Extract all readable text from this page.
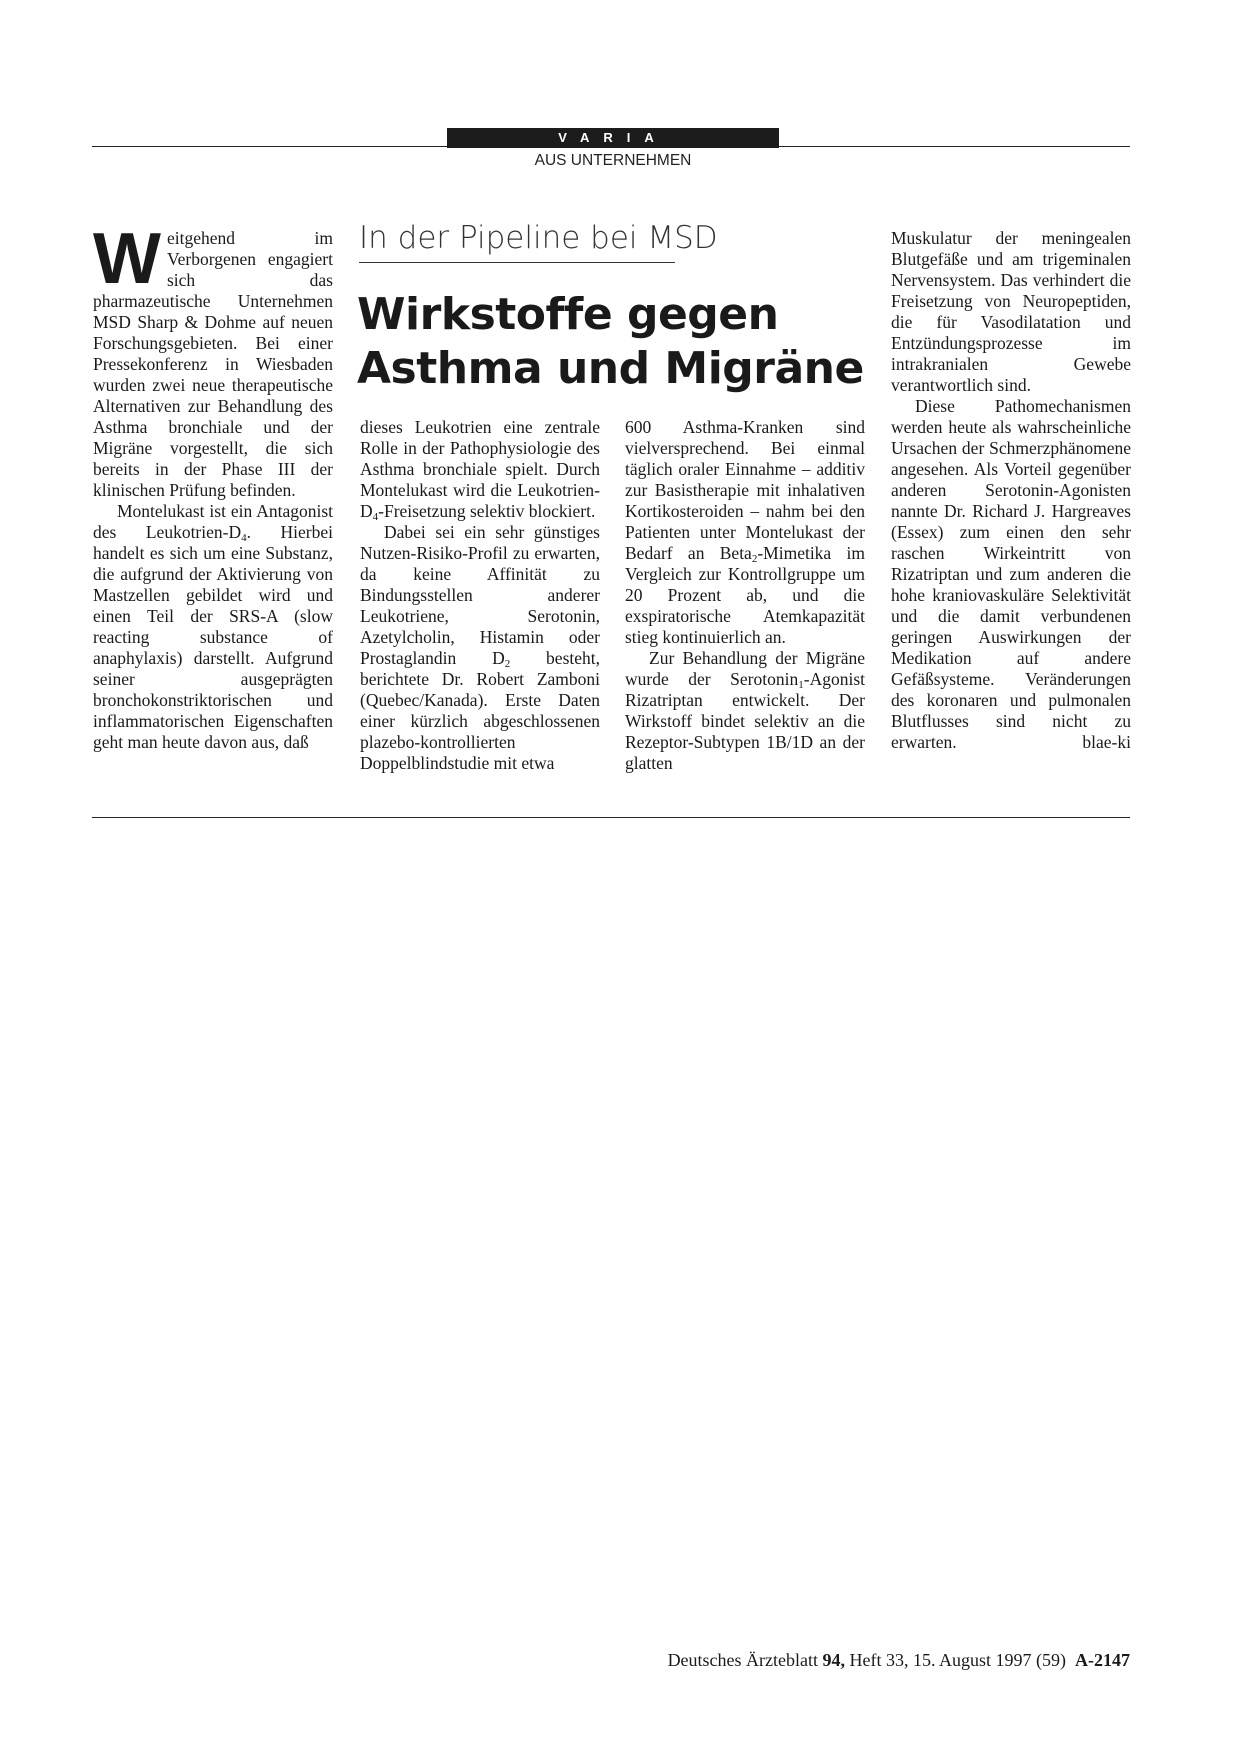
VARIA
AUS UNTERNEHMEN
In der Pipeline bei MSD
Wirkstoffe gegen
Asthma und Migräne

Weitgehend im Verborgenen engagiert sich das pharmazeutische Unternehmen MSD Sharp & Dohme auf neuen Forschungsgebieten. Bei einer Pressekonferenz in Wiesbaden wurden zwei neue therapeutische Alternativen zur Behandlung des Asthma bronchiale und der Migräne vorgestellt, die sich bereits in der Phase III der klinischen Prüfung befinden.

Montelukast ist ein Antagonist des Leukotrien-$D_4$. Hierbei handelt es sich um eine Substanz, die aufgrund der Aktivierung von Mastzellen gebildet wird und einen Teil der SRS-A (slow reacting substance of anaphylaxis) darstellt. Aufgrund seiner ausgeprägten bronchokonstriktorischen und inflammatorischen Eigenschaften geht man heute davon aus, daß

dieses Leukotrien eine zentrale Rolle in der Pathophysiologie des Asthma bronchiale spielt. Durch Montelukast wird die Leukotrien-$D_4$-Freisetzung selektiv blockiert.

Dabei sei ein sehr günstiges Nutzen-Risiko-Profil zu erwarten, da keine Affinität zu Bindungsstellen anderer Leukotriene, Serotonin, Azetylcholin, Histamin oder Prostaglandin $D_2$ besteht, berichtete Dr. Robert Zamboni (Quebec/Kanada). Erste Daten einer kürzlich abgeschlossenen plazebo-kontrollierten Doppelblindstudie mit etwa

600 Asthma-Kranken sind vielversprechend. Bei einmal täglich oraler Einnahme – additiv zur Basistherapie mit inhalativen Kortikosteroiden – nahm bei den Patienten unter Montelukast der Bedarf an Beta$_2$-Mimetika im Vergleich zur Kontrollgruppe um 20 Prozent ab, und die exspiratorische Atemkapazität stieg kontinuierlich an.

Zur Behandlung der Migräne wurde der Serotonin$_1$-Agonist Rizatriptan entwickelt. Der Wirkstoff bindet selektiv an die Rezeptor-Subtypen 1B/1D an der glatten

Muskulatur der meningealen Blutgefäße und am trigeminalen Nervensystem. Das verhindert die Freisetzung von Neuropeptiden, die für Vasodilatation und Entzündungsprozesse im intrakranialen Gewebe verantwortlich sind.

Diese Pathomechanismen werden heute als wahrscheinliche Ursachen der Schmerzphänomene angesehen. Als Vorteil gegenüber anderen Serotonin-Agonisten nannte Dr. Richard J. Hargreaves (Essex) zum einen den sehr raschen Wirkeintritt von Rizatriptan und zum anderen die hohe kraniovaskuläre Selektivität und die damit verbundenen geringen Auswirkungen der Medikation auf andere Gefäßsysteme. Veränderungen des koronaren und pulmonalen Blutflusses sind nicht zu erwarten.	blae-ki

Deutsches Ärzteblatt 94, Heft 33, 15. August 1997 (59) A-2147
